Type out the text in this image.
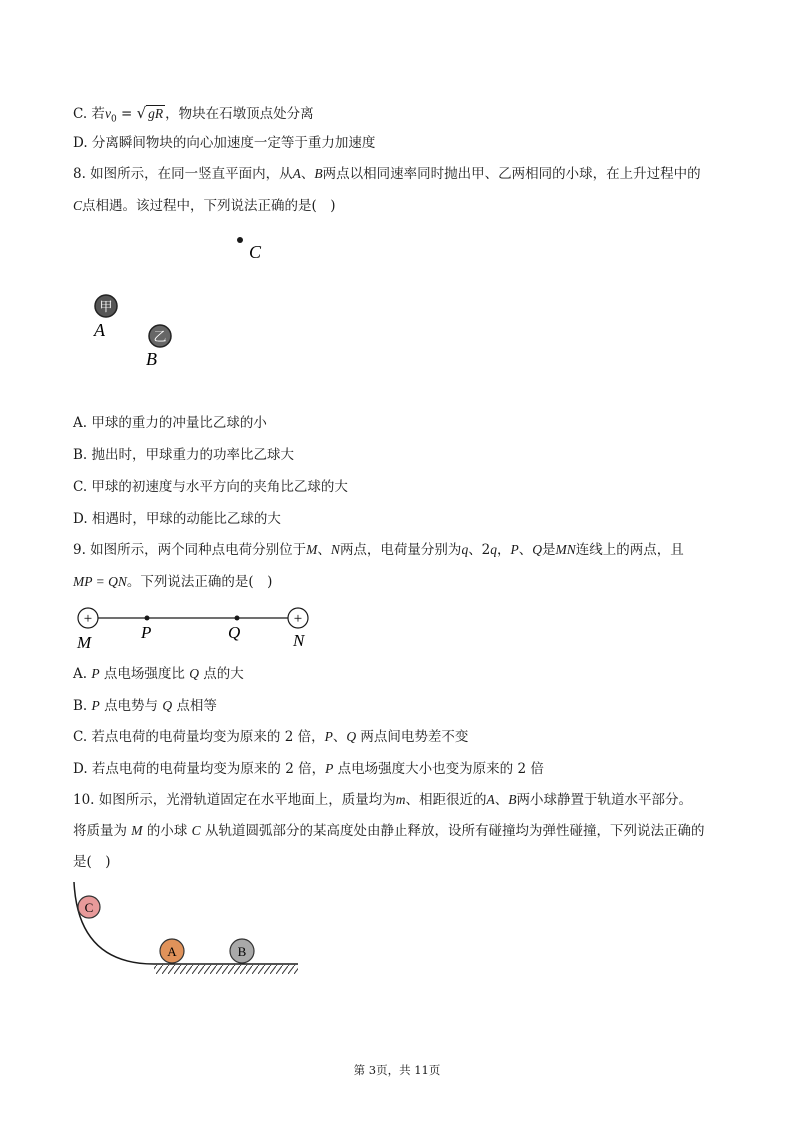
C. 若$v_0$ = √ gR ，物块在石墩顶点处分离
D. 分离瞬间物块的向心加速度一定等于重力加速度
8. 如图所示，在同一竖直平面内，从A、B两点以相同速率同时抛出甲、乙两相同的小球，在上升过程中的
C点相遇。该过程中，下列说法正确的是(　)
C
甲
A	乙
B
A. 甲球的重力的冲量比乙球的小
B. 抛出时，甲球重力的功率比乙球大
C. 甲球的初速度与水平方向的夹角比乙球的大
D. 相遇时，甲球的动能比乙球的大
9. 如图所示，两个同种点电荷分别位于M、N两点，电荷量分别为q、2q，P、Q是MN连线上的两点，且
MP = QN。下列说法正确的是(　)
+	+
M
P	Q	N
A. P 点电场强度比 Q 点的大
B. P 点电势与 Q 点相等
C. 若点电荷的电荷量均变为原来的 2 倍，P、Q 两点间电势差不变
D. 若点电荷的电荷量均变为原来的 2 倍，P 点电场强度大小也变为原来的 2 倍
10. 如图所示，光滑轨道固定在水平地面上，质量均为m、相距很近的A、B两小球静置于轨道水平部分。
将质量为 M 的小球 C 从轨道圆弧部分的某高度处由静止释放，设所有碰撞均为弹性碰撞，下列说法正确的
是(　)
C
A	B
第 3页，共 11页
